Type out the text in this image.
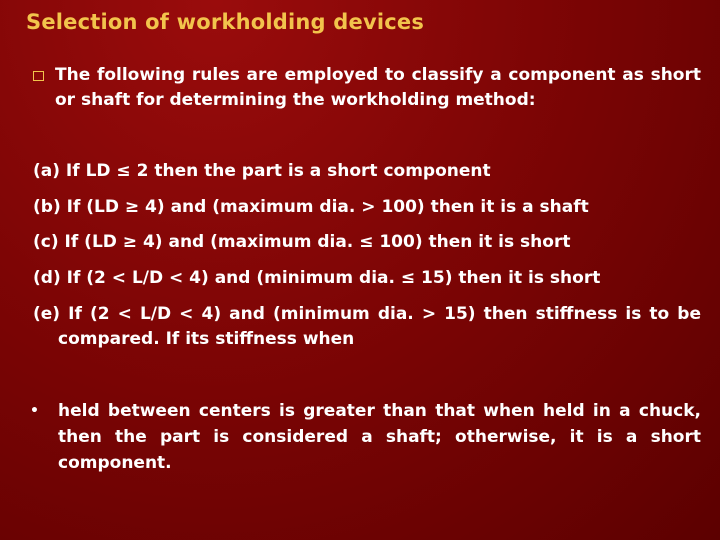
Selection of workholding devices
The following rules are employed to classify a component as short or shaft for determining the workholding method:
(a) If LD ≤ 2 then the part is a short component
(b) If (LD ≥ 4) and (maximum dia. > 100) then it is a shaft
(c) If (LD ≥ 4) and (maximum dia. ≤ 100) then it is short
(d) If (2 < L/D < 4) and (minimum dia. ≤ 15) then it is short
(e) If (2 < L/D < 4) and (minimum dia. > 15) then stiffness is to be compared. If its stiffness when
•	held between centers is greater than that when held in a chuck, then the part is considered a shaft; otherwise, it is a short component.
